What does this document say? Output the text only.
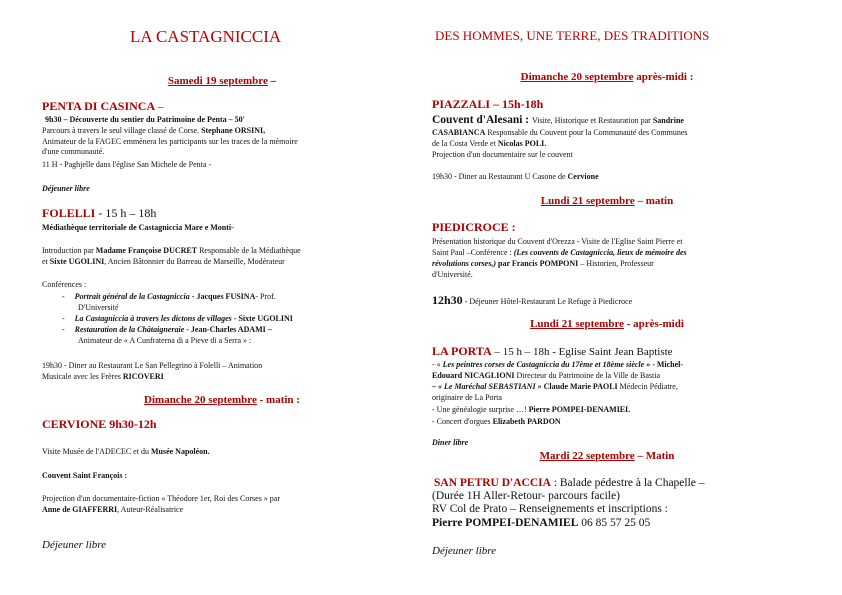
LA CASTAGNICCIA
Samedi 19 septembre –
PENTA DI CASINCA –
9h30 – Découverte du sentier du Patrimoine de Penta – 50'
Parcours à travers le seul village classé de Corse. Stephane ORSINI,
Animateur de la FAGEC emmènera les participants sur les traces de la mémoire
d'une communauté.
11 H - Paghjelle dans l'église San Michele de Penta -
Déjeuner libre
FOLELLI - 15 h – 18h
Médiathèque territoriale de Castagniccia Mare e Monti-
Introduction par Madame Françoise DUCRET Responsable de la Médiathèque
et Sixte UGOLINI, Ancien Bâtonnier du Barreau de Marseille, Modérateur
Conférences :
-     Portrait général de la Castagniccia - Jacques FUSINA- Prof.
D'Université
-     La Castagniccia à travers les dictons de villages - Sixte UGOLINI
-     Restauration de la Châtaigneraie - Jean-Charles ADAMI –
Animateur de « A Cunfraterna di a Pieve di a Serra » :
19h30 - Diner au Restaurant Le San Pellegrino à Folelli – Animation
Musicale avec les Frères RICOVERI
Dimanche 20 septembre - matin :
CERVIONE 9h30-12h
Visite Musée de l'ADECEC et du Musée Napoléon.
Couvent Saint François :
Projection d'un documentaire-fiction « Théodore 1er, Roi des Corses » par
Anne de GIAFFERRI, Auteur-Réalisatrice
Déjeuner libre
DES HOMMES, UNE TERRE, DES TRADITIONS
Dimanche 20 septembre après-midi :
PIAZZALI – 15h-18h
Couvent d'Alesani : Visite, Historique et Restauration par Sandrine
CASABIANCA Responsable du Couvent pour la Communauté des Communes
de la Costa Verde et Nicolas POLI.
Projection d'un documentaire sur le couvent
19h30 - Diner au Restaurant U Casone de Cervione
Lundi 21 septembre – matin
PIEDICROCE :
Présentation historique du Couvent d'Orezza - Visite de l'Eglise Saint Pierre et
Saint Paul –Conférence : (Les couvents de Castagniccia, lieux de mémoire des
révolutions corses,) par Francis POMPONI – Historien, Professeur
d'Université.
12h30 - Déjeuner Hôtel-Restaurant Le Refuge à Piedicroce
Lundi 21 septembre - après-midi
LA PORTA – 15 h – 18h - Eglise Saint Jean Baptiste
- « Les peintres corses de Castagniccia du 17ème et 18ème siècle » - Michel-
Edouard NICAGLIONI Directeur du Patrimoine de la Ville de Bastia
– « Le Maréchal SEBASTIANI » Claude Marie PAOLI Médecin Pédiatre,
originaire de La Porta
- Une généalogie surprise …! Pierre POMPEI-DENAMIEL
- Concert d'orgues Elizabeth PARDON
Diner libre
Mardi 22 septembre – Matin
SAN PETRU D'ACCIA : Balade pédestre à la Chapelle –
(Durée 1H Aller-Retour- parcours facile)
RV Col de Prato – Renseignements et inscriptions :
Pierre POMPEI-DENAMIEL 06 85 57 25 05
Déjeuner libre
